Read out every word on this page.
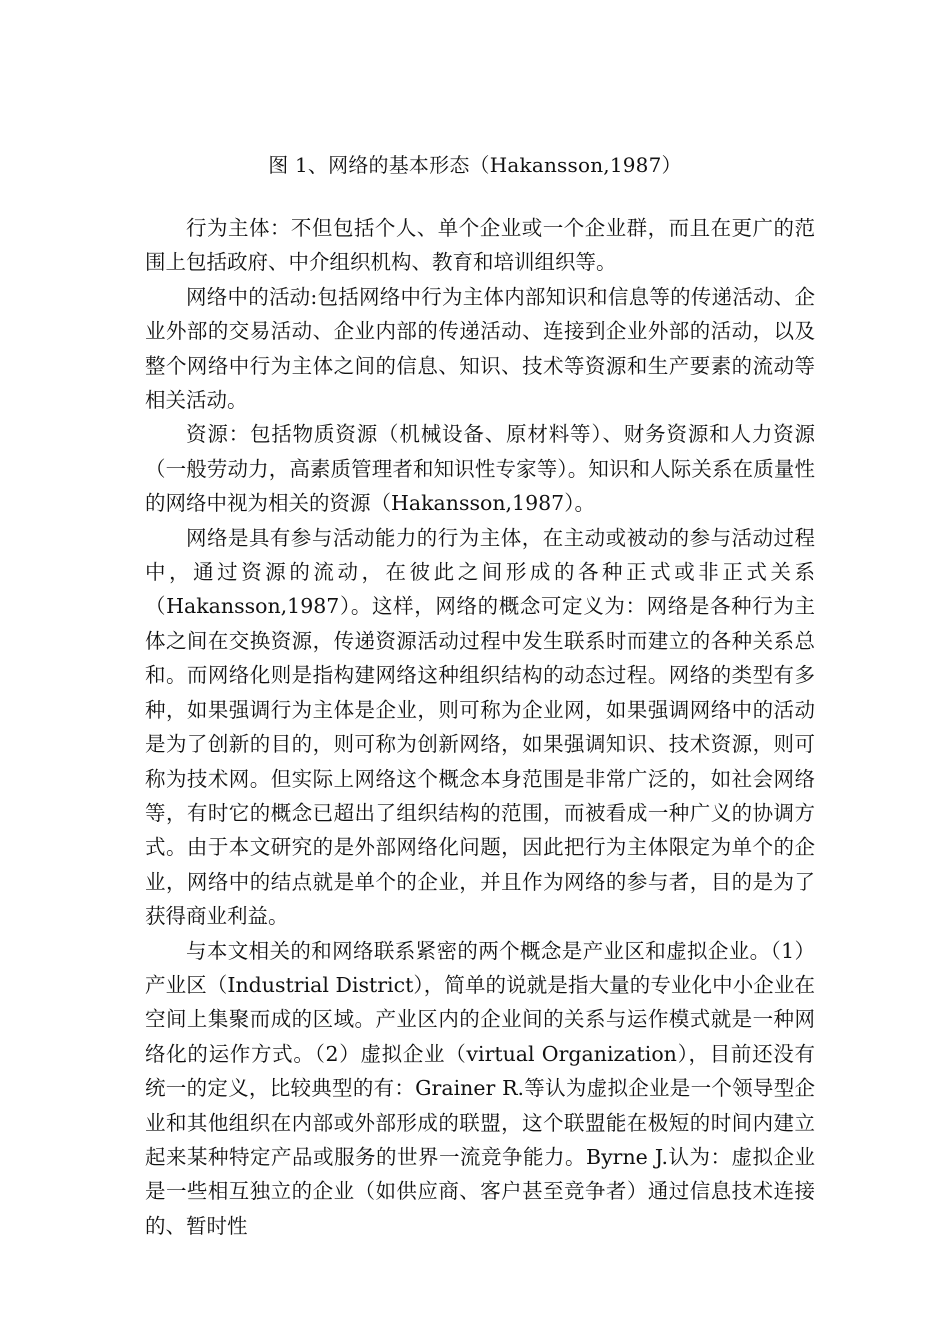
图 1、网络的基本形态（Hakansson,1987）

行为主体：不但包括个人、单个企业或一个企业群，而且在更广的范围上包括政府、中介组织机构、教育和培训组织等。

网络中的活动:包括网络中行为主体内部知识和信息等的传递活动、企业外部的交易活动、企业内部的传递活动、连接到企业外部的活动，以及整个网络中行为主体之间的信息、知识、技术等资源和生产要素的流动等相关活动。

资源：包括物质资源（机械设备、原材料等）、财务资源和人力资源（一般劳动力，高素质管理者和知识性专家等）。知识和人际关系在质量性的网络中视为相关的资源（Hakansson,1987）。

网络是具有参与活动能力的行为主体，在主动或被动的参与活动过程中，通过资源的流动，在彼此之间形成的各种正式或非正式关系（Hakansson,1987）。这样，网络的概念可定义为：网络是各种行为主体之间在交换资源，传递资源活动过程中发生联系时而建立的各种关系总和。而网络化则是指构建网络这种组织结构的动态过程。网络的类型有多种，如果强调行为主体是企业，则可称为企业网，如果强调网络中的活动是为了创新的目的，则可称为创新网络，如果强调知识、技术资源，则可称为技术网。但实际上网络这个概念本身范围是非常广泛的，如社会网络等，有时它的概念已超出了组织结构的范围，而被看成一种广义的协调方式。由于本文研究的是外部网络化问题，因此把行为主体限定为单个的企业，网络中的结点就是单个的企业，并且作为网络的参与者，目的是为了获得商业利益。

与本文相关的和网络联系紧密的两个概念是产业区和虚拟企业。（1）产业区（Industrial District），简单的说就是指大量的专业化中小企业在空间上集聚而成的区域。产业区内的企业间的关系与运作模式就是一种网络化的运作方式。（2）虚拟企业（virtual Organization），目前还没有统一的定义，比较典型的有：Grainer R.等认为虚拟企业是一个领导型企业和其他组织在内部或外部形成的联盟，这个联盟能在极短的时间内建立起来某种特定产品或服务的世界一流竞争能力。Byrne J.认为：虚拟企业是一些相互独立的企业（如供应商、客户甚至竞争者）通过信息技术连接的、暂时性
